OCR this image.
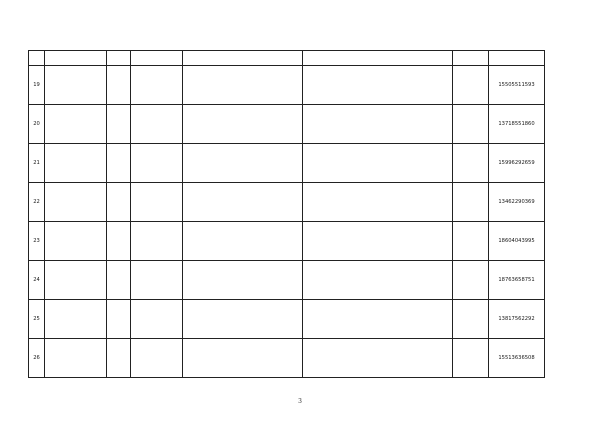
19							15505511593
20							13718551860
21							15996292659
22							13462290369
23							18604043995
24							18763658751
25							13817562292
26							15513636508
3
